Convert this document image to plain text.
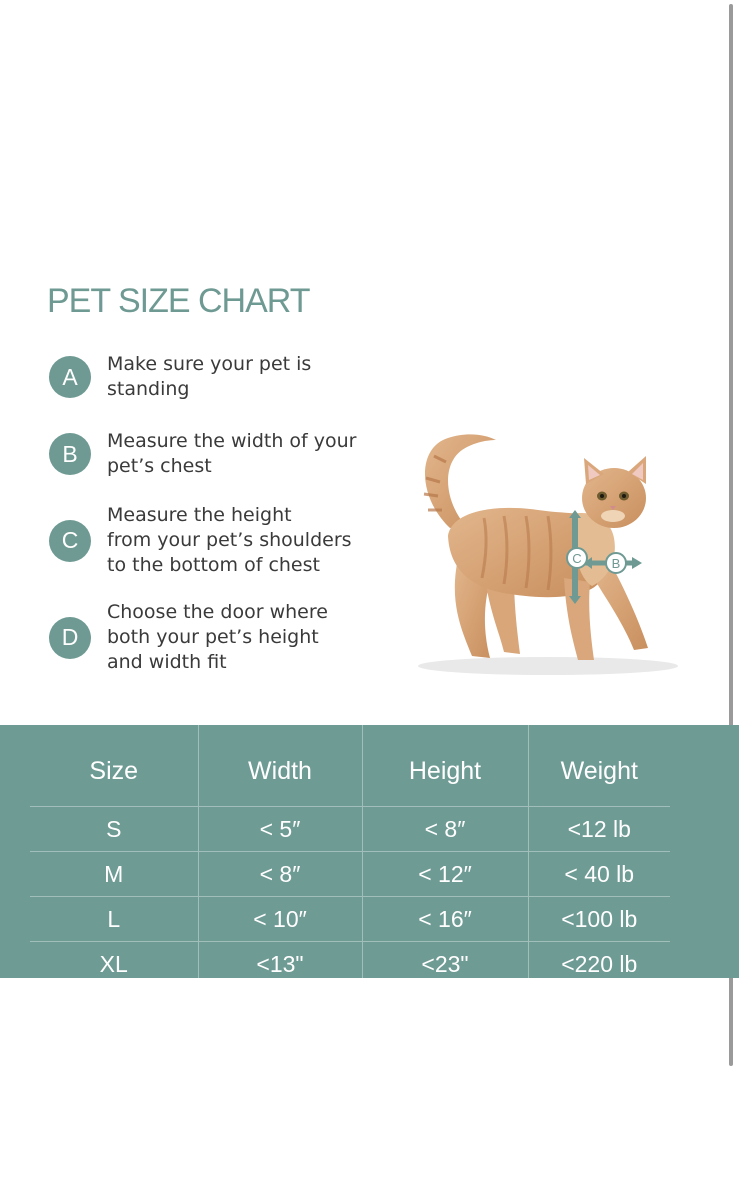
PET SIZE CHART
A	Make sure your pet is
standing
B	Measure the width of your
pet’s chest
C
Measure the height
from your pet’s shoulders
to the bottom of chest
D
Choose the door where
both your pet’s height
and width fit
C B
Size	Width	Height	Weight
S	< 5″	< 8″	<12 lb
M	< 8″	< 12″	< 40 lb
L	< 10″	< 16″	<100 lb
XL	<13"	<23"	<220 lb
